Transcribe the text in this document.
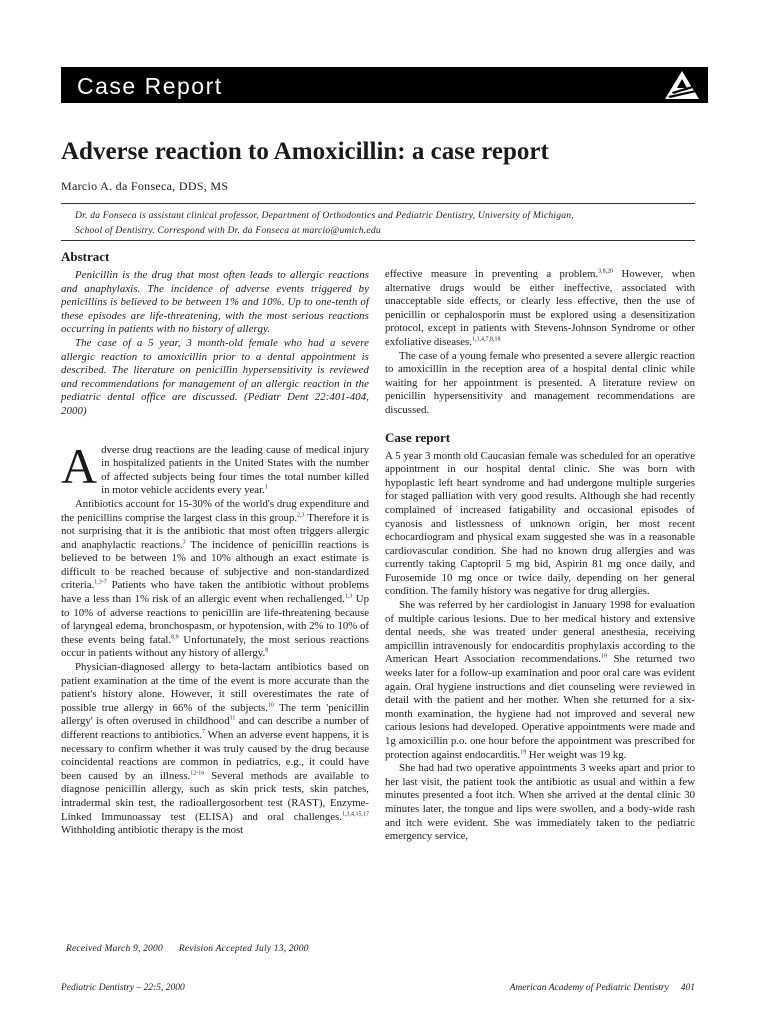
Case Report
Adverse reaction to Amoxicillin: a case report

Marcio A. da Fonseca, DDS, MS

Dr. da Fonseca is assistant clinical professor, Department of Orthodontics and Pediatric Dentistry, University of Michigan,
School of Dentistry. Correspond with Dr. da Fonseca at marcio@umich.edu

Abstract

Penicillin is the drug that most often leads to allergic reactions and anaphylaxis. The incidence of adverse events triggered by penicillins is believed to be between 1% and 10%. Up to one-tenth of these episodes are life-threatening, with the most serious reactions occurring in patients with no history of allergy.

The case of a 5 year, 3 month-old female who had a severe allergic reaction to amoxicillin prior to a dental appointment is described. The literature on penicillin hypersensitivity is reviewed and recommendations for management of an allergic reaction in the pediatric dental office are discussed. (Pediatr Dent 22:401-404, 2000)

Adverse drug reactions are the leading cause of medical injury in hospitalized patients in the United States with the number of affected subjects being four times the total number killed in motor vehicle accidents every year.$^1$

Antibiotics account for 15-30% of the world's drug expenditure and the penicillins comprise the largest class in this group.$^{2,3}$ Therefore it is not surprising that it is the antibiotic that most often triggers allergic and anaphylactic reactions.$^3$ The incidence of penicillin reactions is believed to be between 1% and 10% although an exact estimate is difficult to be reached because of subjective and non-standardized criteria.$^{1,3-7}$ Patients who have taken the antibiotic without problems have a less than 1% risk of an allergic event when rechallenged.$^{1,3}$ Up to 10% of adverse reactions to penicillin are life-threatening because of laryngeal edema, bronchospasm, or hypotension, with 2% to 10% of these events being fatal.$^{8,9}$ Unfortunately, the most serious reactions occur in patients without any history of allergy.$^8$

Physician-diagnosed allergy to beta-lactam antibiotics based on patient examination at the time of the event is more accurate than the patient's history alone. However, it still overestimates the rate of possible true allergy in 66% of the subjects.$^{10}$ The term 'penicillin allergy' is often overused in childhood$^{11}$ and can describe a number of different reactions to antibiotics.$^7$ When an adverse event happens, it is necessary to confirm whether it was truly caused by the drug because coincidental reactions are common in pediatrics, e.g., it could have been caused by an illness.$^{12-16}$ Several methods are available to diagnose penicillin allergy, such as skin prick tests, skin patches, intradermal skin test, the radioallergosorbent test (RAST), Enzyme-Linked Immunoassay test (ELISA) and oral challenges.$^{1,3,4,15,17}$ Withholding antibiotic therapy is the most

effective measure in preventing a problem.$^{3,8,20}$ However, when alternative drugs would be either ineffective, associated with unacceptable side effects, or clearly less effective, then the use of penicillin or cephalosporin must be explored using a desensitization protocol, except in patients with Stevens-Johnson Syndrome or other exfoliative diseases.$^{1,3,4,7,8,18}$

The case of a young female who presented a severe allergic reaction to amoxicillin in the reception area of a hospital dental clinic while waiting for her appointment is presented. A literature review on penicillin hypersensitivity and management recommendations are discussed.

Case report

A 5 year 3 month old Caucasian female was scheduled for an operative appointment in our hospital dental clinic. She was born with hypoplastic left heart syndrome and had undergone multiple surgeries for staged palliation with very good results. Although she had recently complained of increased fatigability and occasional episodes of cyanosis and listlessness of unknown origin, her most recent echocardiogram and physical exam suggested she was in a reasonable cardiovascular condition. She had no known drug allergies and was currently taking Captopril 5 mg bid, Aspirin 81 mg once daily, and Furosemide 10 mg once or twice daily, depending on her general condition. The family history was negative for drug allergies.

She was referred by her cardiologist in January 1998 for evaluation of multiple carious lesions. Due to her medical history and extensive dental needs, she was treated under general anesthesia, receiving ampicillin intravenously for endocarditis prophylaxis according to the American Heart Association recommendations.$^{19}$ She returned two weeks later for a follow-up examination and poor oral care was evident again. Oral hygiene instructions and diet counseling were reviewed in detail with the patient and her mother. When she returned for a six-month examination, the hygiene had not improved and several new carious lesions had developed. Operative appointments were made and 1g amoxicillin p.o. one hour before the appointment was prescribed for protection against endocarditis.$^{19}$ Her weight was 19 kg.

She had had two operative appointments 3 weeks apart and prior to her last visit, the patient took the antibiotic as usual and within a few minutes presented a foot itch. When she arrived at the dental clinic 30 minutes later, the tongue and lips were swollen, and a body-wide rash and itch were evident. She was immediately taken to the pediatric emergency service,

Received March 9, 2000 Revision Accepted July 13, 2000
Pediatric Dentistry – 22:5, 2000	American Academy of Pediatric Dentistry 401
